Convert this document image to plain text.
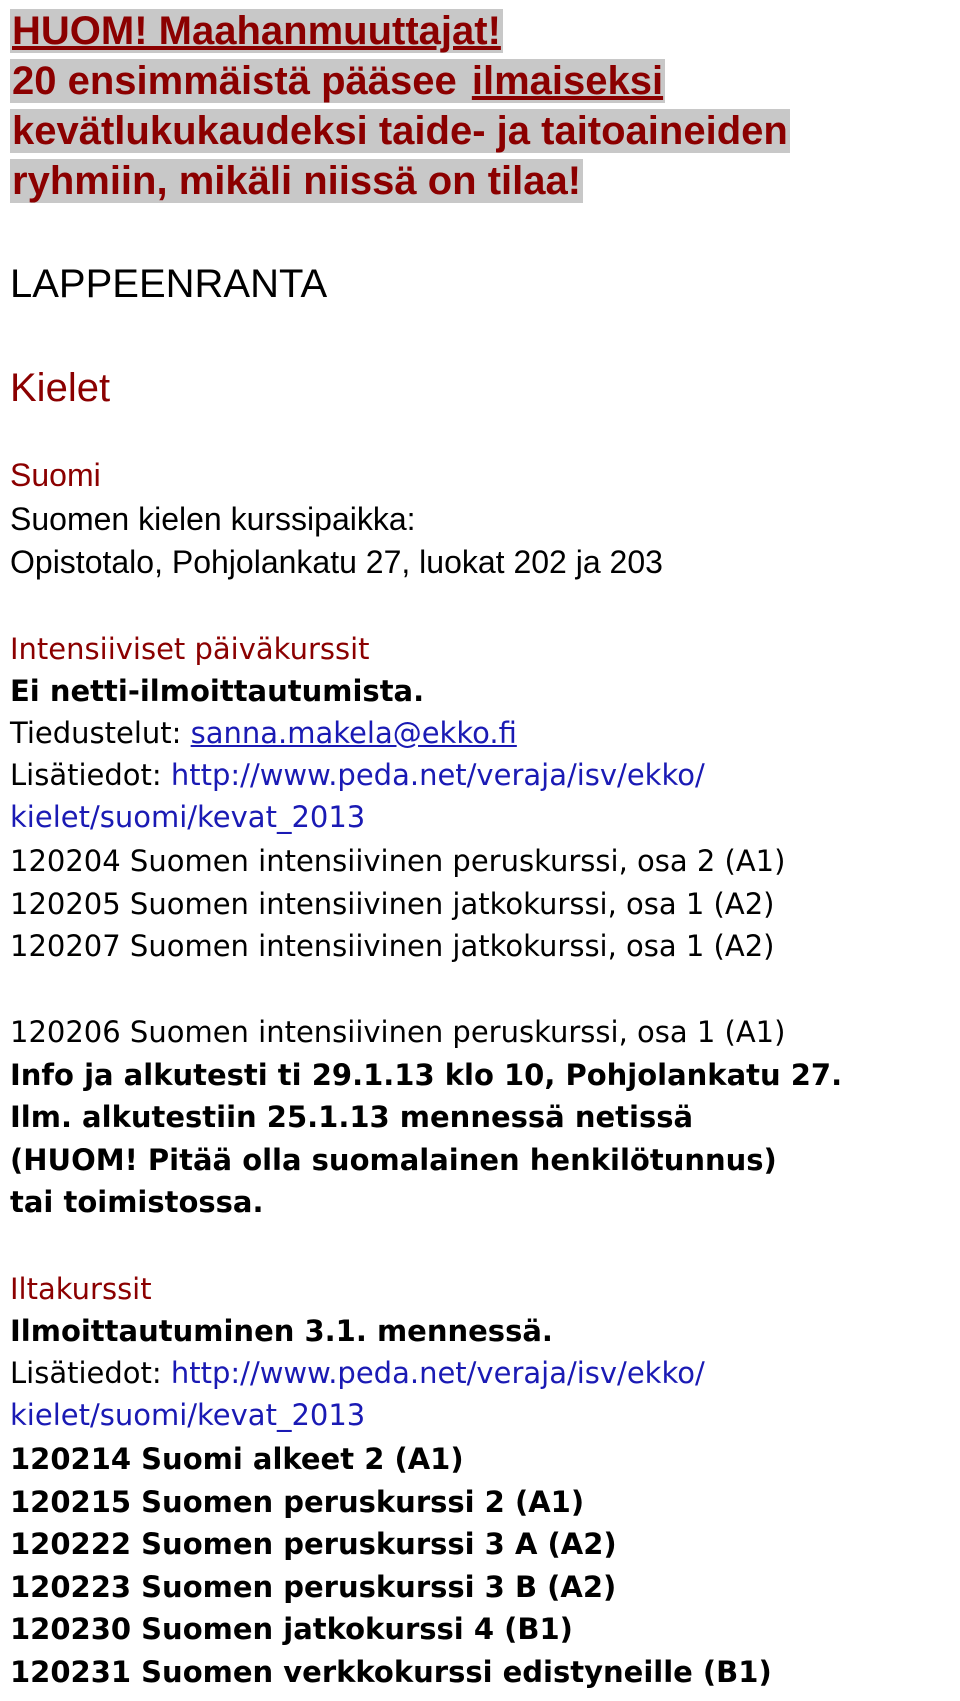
HUOM! Maahanmuuttajat!
20 ensimmäistä pääsee ilmaiseksi
kevätlukukaudeksi taide- ja taitoaineiden
ryhmiin, mikäli niissä on tilaa!
LAPPEENRANTA
Kielet
Suomi
Suomen kielen kurssipaikka:
Opistotalo, Pohjolankatu 27, luokat 202 ja 203
Intensiiviset päiväkurssit
Ei netti-ilmoittautumista.
Tiedustelut: sanna.makela@ekko.fi
Lisätiedot: http://www.peda.net/veraja/isv/ekko/
kielet/suomi/kevat_2013
120204 Suomen intensiivinen peruskurssi, osa 2 (A1)
120205 Suomen intensiivinen jatkokurssi, osa 1 (A2)
120207 Suomen intensiivinen jatkokurssi, osa 1 (A2)
120206 Suomen intensiivinen peruskurssi, osa 1 (A1)
Info ja alkutesti ti 29.1.13 klo 10, Pohjolankatu 27.
Ilm. alkutestiin 25.1.13 mennessä netissä
(HUOM! Pitää olla suomalainen henkilötunnus)
tai toimistossa.
Iltakurssit
Ilmoittautuminen 3.1. mennessä.
Lisätiedot: http://www.peda.net/veraja/isv/ekko/
kielet/suomi/kevat_2013
120214 Suomi alkeet 2 (A1)
120215 Suomen peruskurssi 2 (A1)
120222 Suomen peruskurssi 3 A (A2)
120223 Suomen peruskurssi 3 B (A2)
120230 Suomen jatkokurssi 4 (B1)
120231 Suomen verkkokurssi edistyneille (B1)
